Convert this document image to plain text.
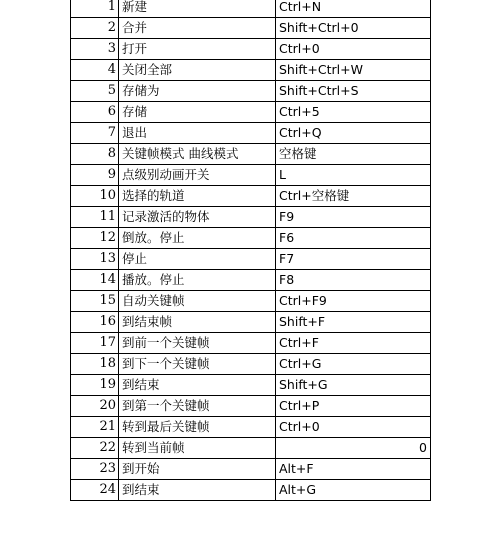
1	新建	Ctrl+N
2	合并	Shift+Ctrl+0
3	打开	Ctrl+0
4	关闭全部	Shift+Ctrl+W
5	存储为	Shift+Ctrl+S
6	存储	Ctrl+5
7	退出	Ctrl+Q
8	关键帧模式 曲线模式	空格键
9	点级别动画开关	L
10	选择的轨道	Ctrl+空格键
11	记录激活的物体	F9
12	倒放。停止	F6
13	停止	F7
14	播放。停止	F8
15	自动关键帧	Ctrl+F9
16	到结束帧	Shift+F
17	到前一个关键帧	Ctrl+F
18	到下一个关键帧	Ctrl+G
19	到结束	Shift+G
20	到第一个关键帧	Ctrl+P
21	转到最后关键帧	Ctrl+0
22	转到当前帧	0
23	到开始	Alt+F
24	到结束	Alt+G
